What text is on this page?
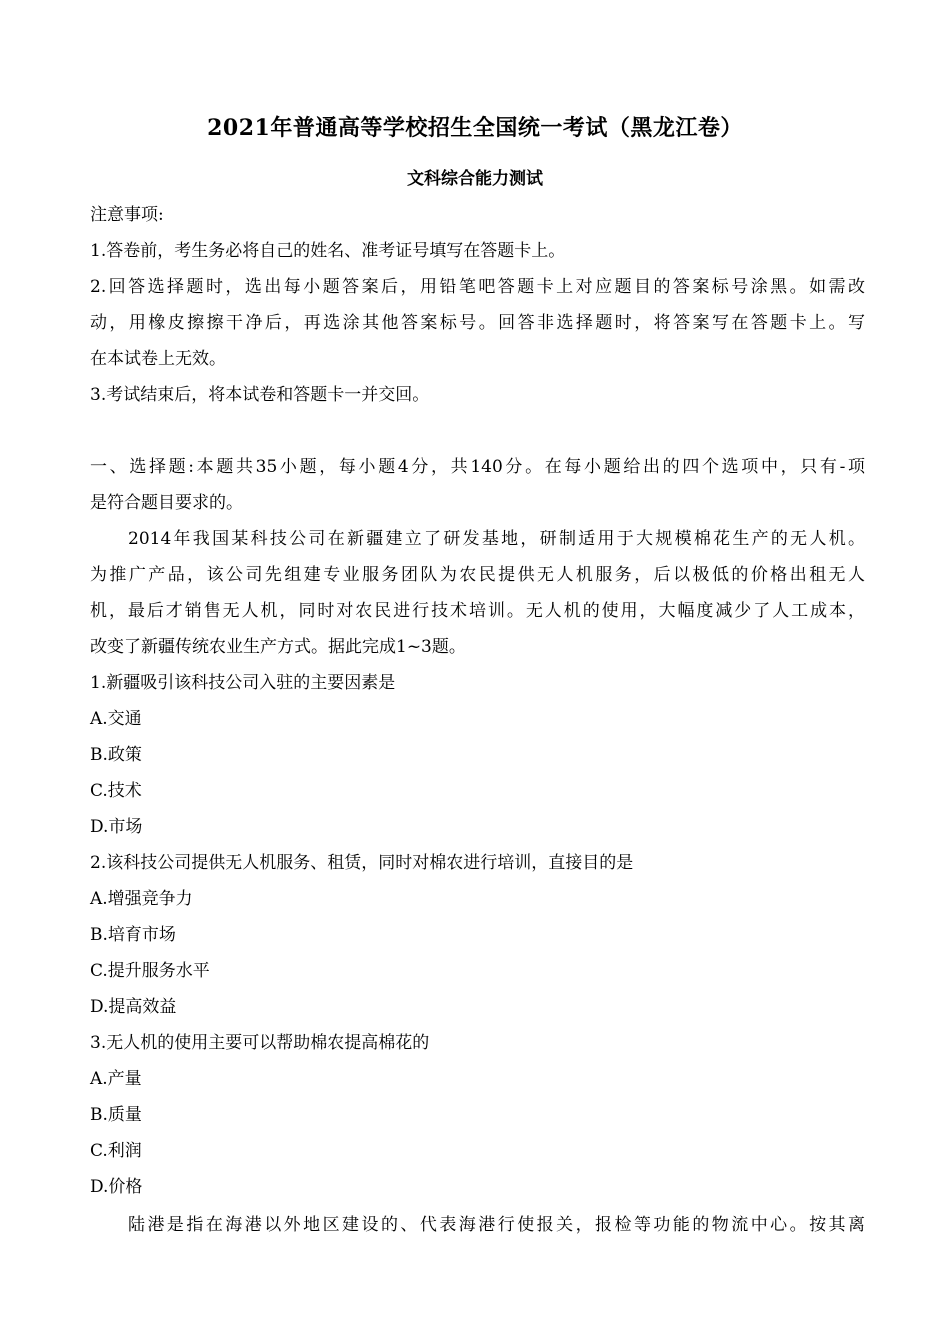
2021年普通高等学校招生全国统一考试（黑龙江卷）
文科综合能力测试
注意事项:
1.答卷前，考生务必将自己的姓名、准考证号填写在答题卡上。
2.回答选择题时，选出每小题答案后，用铅笔吧答题卡上对应题目的答案标号涂黑。如需改
动，用橡皮擦擦干净后，再选涂其他答案标号。回答非选择题时，将答案写在答题卡上。写
在本试卷上无效。
3.考试结束后，将本试卷和答题卡一并交回。
一、选择题:本题共35小题，每小题4分，共140分。在每小题给出的四个选项中，只有-项
是符合题目要求的。
2014年我国某科技公司在新疆建立了研发基地，研制适用于大规模棉花生产的无人机。
为推广产品，该公司先组建专业服务团队为农民提供无人机服务，后以极低的价格出租无人
机，最后才销售无人机，同时对农民进行技术培训。无人机的使用，大幅度减少了人工成本，
改变了新疆传统农业生产方式。据此完成1~3题。
1.新疆吸引该科技公司入驻的主要因素是
A.交通
B.政策
C.技术
D.市场
2.该科技公司提供无人机服务、租赁，同时对棉农进行培训，直接目的是
A.增强竞争力
B.培育市场
C.提升服务水平
D.提高效益
3.无人机的使用主要可以帮助棉农提高棉花的
A.产量
B.质量
C.利润
D.价格
陆港是指在海港以外地区建设的、代表海港行使报关，报检等功能的物流中心。按其离
